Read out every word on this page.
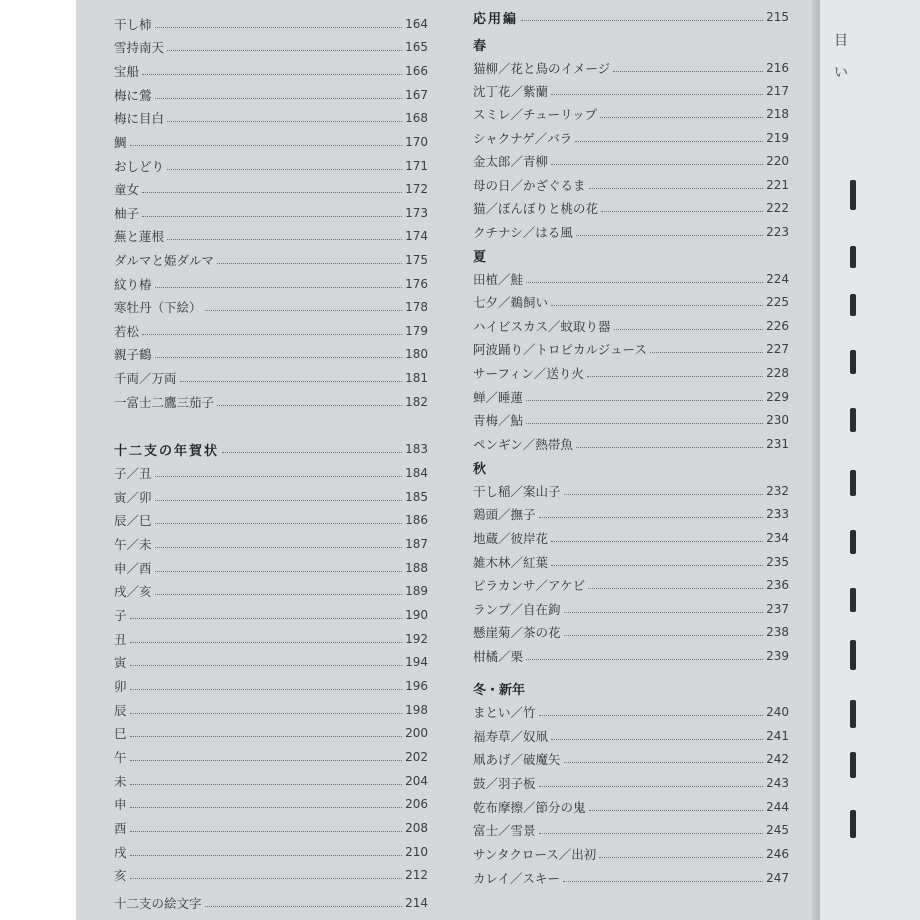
目
い
干し柿	164
雪持南天	165
宝船	166
梅に鶯	167
梅に目白	168
鯛	170
おしどり	171
童女	172
柚子	173
蕪と蓮根	174
ダルマと姫ダルマ	175
紋り椿	176
寒牡丹（下絵）	178
若松	179
親子鶴	180
千両／万両	181
一富士二鷹三茄子	182
十二支の年賀状	183
子／丑	184
寅／卯	185
辰／巳	186
午／未	187
申／酉	188
戌／亥	189
子	190
丑	192
寅	194
卯	196
辰	198
巳	200
午	202
未	204
申	206
酉	208
戌	210
亥	212
十二支の絵文字	214
応用編	215
春
猫柳／花と鳥のイメージ	216
沈丁花／紫蘭	217
スミレ／チューリップ	218
シャクナゲ／バラ	219
金太郎／青柳	220
母の日／かざぐるま	221
猫／ぼんぼりと桃の花	222
クチナシ／はる風	223
夏
田植／鮭	224
七夕／鵜飼い	225
ハイビスカス／蚊取り器	226
阿波踊り／トロピカルジュース	227
サーフィン／送り火	228
蝉／睡蓮	229
青梅／鮎	230
ペンギン／熱帯魚	231
秋
干し稲／案山子	232
鶏頭／撫子	233
地蔵／彼岸花	234
雑木林／紅葉	235
ピラカンサ／アケビ	236
ランプ／自在鉤	237
懸崖菊／茶の花	238
柑橘／栗	239
冬・新年
まとい／竹	240
福寿草／奴凧	241
凧あげ／破魔矢	242
鼓／羽子板	243
乾布摩擦／節分の鬼	244
富士／雪景	245
サンタクロース／出初	246
カレイ／スキー	247
